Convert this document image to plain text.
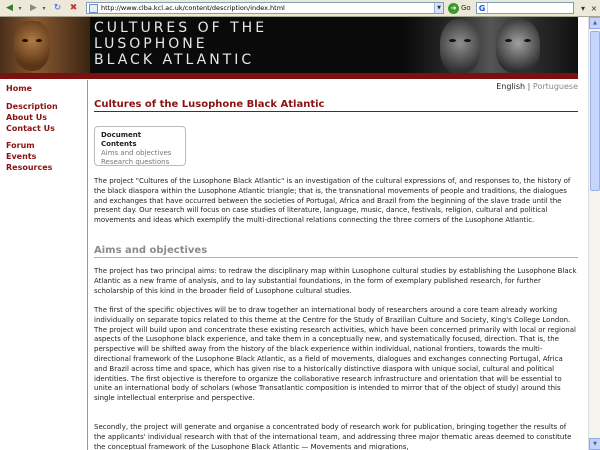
◀ ▾ ▶ ▾ ↻ ✖	http://www.clba.kcl.ac.uk/content/description/index.html	▼	➜ Go G	▾ ×
CULTURES OF THE
LUSOPHONE
BLACK ATLANTIC
▲
▼
Home
Description
About Us
Contact Us
Forum
Events
Resources
English | Portuguese
Cultures of the Lusophone Black Atlantic
Document Contents
Aims and objectives
Research questions

The project "Cultures of the Lusophone Black Atlantic" is an investigation of the cultural expressions of, and responses to, the history of the black diaspora within the Lusophone Atlantic triangle; that is, the transnational movements of people and traditions, the dialogues and exchanges that have occurred between the societies of Portugal, Africa and Brazil from the beginning of the slave trade until the present day. Our research will focus on case studies of literature, language, music, dance, festivals, religion, cultural and political movements and ideas which exemplify the multi-directional relations connecting the three corners of the Lusophone Atlantic.

Aims and objectives

The project has two principal aims: to redraw the disciplinary map within Lusophone cultural studies by establishing the Lusophone Black Atlantic as a new frame of analysis, and to lay substantial foundations, in the form of exemplary published research, for further scholarship of this kind in the broader field of Lusophone cultural studies.

The first of the specific objectives will be to draw together an international body of researchers around a core team already working individually on separate topics related to this theme at the Centre for the Study of Brazilian Culture and Society, King's College London. The project will build upon and concentrate these existing research activities, which have been concerned primarily with local or regional aspects of the Lusophone black experience, and take them in a conceptually new, and systematically focused, direction. That is, the perspective will be shifted away from the history of the black experience within individual, national frontiers, towards the multi-directional framework of the Lusophone Black Atlantic, as a field of movements, dialogues and exchanges connecting Portugal, Africa and Brazil across time and space, which has given rise to a historically distinctive diaspora with unique social, cultural and political identities. The first objective is therefore to organize the collaborative research infrastructure and orientation that will be essential to unite an international body of scholars (whose Transatlantic composition is intended to mirror that of the object of study) around this single intellectual enterprise and perspective.

Secondly, the project will generate and organise a concentrated body of research work for publication, bringing together the results of the applicants' individual research with that of the international team, and addressing three major thematic areas deemed to constitute the conceptual framework of the Lusophone Black Atlantic — Movements and migrations,
